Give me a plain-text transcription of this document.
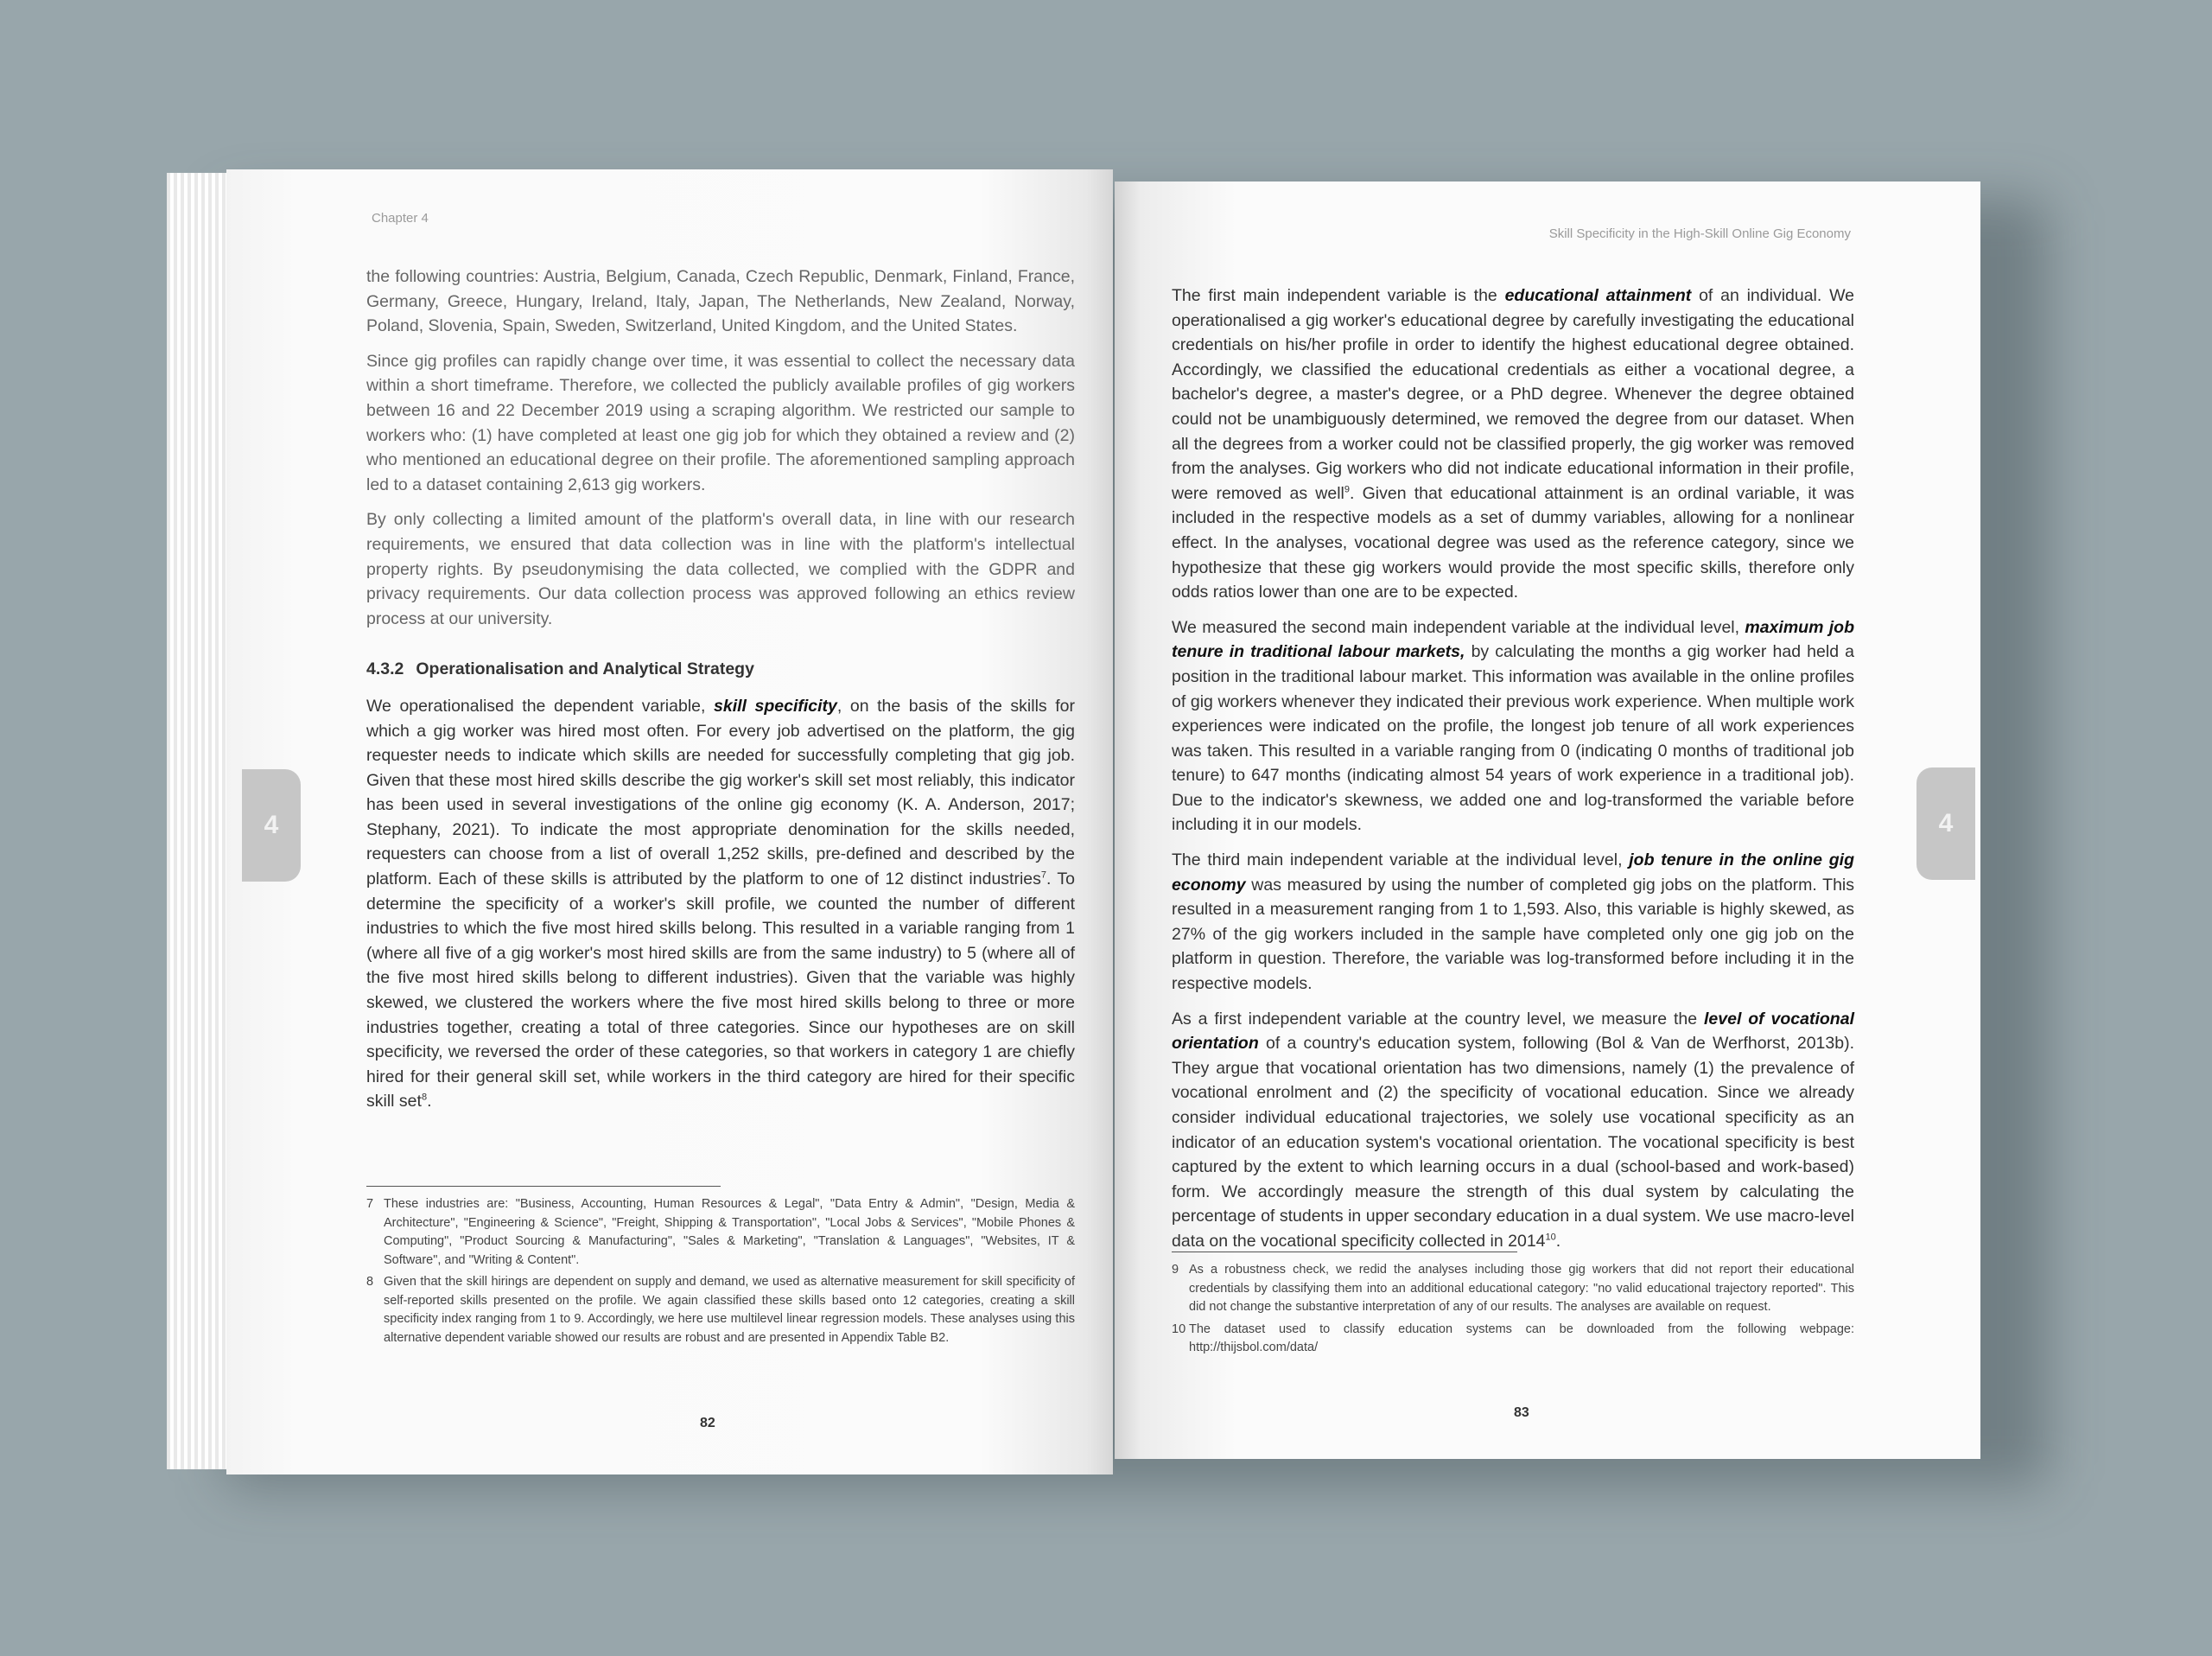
Chapter 4

the following countries: Austria, Belgium, Canada, Czech Republic, Denmark, Finland, France, Germany, Greece, Hungary, Ireland, Italy, Japan, The Netherlands, New Zealand, Norway, Poland, Slovenia, Spain, Sweden, Switzerland, United Kingdom, and the United States.

Since gig profiles can rapidly change over time, it was essential to collect the necessary data within a short timeframe. Therefore, we collected the publicly available profiles of gig workers between 16 and 22 December 2019 using a scraping algorithm. We restricted our sample to workers who: (1) have completed at least one gig job for which they obtained a review and (2) who mentioned an educational degree on their profile. The aforementioned sampling approach led to a dataset containing 2,613 gig workers.

By only collecting a limited amount of the platform's overall data, in line with our research requirements, we ensured that data collection was in line with the platform's intellectual property rights. By pseudonymising the data collected, we complied with the GDPR and privacy requirements. Our data collection process was approved following an ethics review process at our university.

4.3.2 Operationalisation and Analytical Strategy

We operationalised the dependent variable, skill specificity, on the basis of the skills for which a gig worker was hired most often. For every job advertised on the platform, the gig requester needs to indicate which skills are needed for successfully completing that gig job. Given that these most hired skills describe the gig worker's skill set most reliably, this indicator has been used in several investigations of the online gig economy (K. A. Anderson, 2017; Stephany, 2021). To indicate the most appropriate denomination for the skills needed, requesters can choose from a list of overall 1,252 skills, pre-defined and described by the platform. Each of these skills is attributed by the platform to one of 12 distinct industries$^7$. To determine the specificity of a worker's skill profile, we counted the number of different industries to which the five most hired skills belong. This resulted in a variable ranging from 1 (where all five of a gig worker's most hired skills are from the same industry) to 5 (where all of the five most hired skills belong to different industries). Given that the variable was highly skewed, we clustered the workers where the five most hired skills belong to three or more industries together, creating a total of three categories. Since our hypotheses are on skill specificity, we reversed the order of these categories, so that workers in category 1 are chiefly hired for their general skill set, while workers in the third category are hired for their specific skill set$^8$.

7 These industries are: "Business, Accounting, Human Resources & Legal", "Data Entry & Admin", "Design, Media & Architecture", "Engineering & Science", "Freight, Shipping & Transportation", "Local Jobs & Services", "Mobile Phones & Computing", "Product Sourcing & Manufacturing", "Sales & Marketing", "Translation & Languages", "Websites, IT & Software", and "Writing & Content".
8 Given that the skill hirings are dependent on supply and demand, we used as alternative measurement for skill specificity of self-reported skills presented on the profile. We again classified these skills based onto 12 categories, creating a skill specificity index ranging from 1 to 9. Accordingly, we here use multilevel linear regression models. These analyses using this alternative dependent variable showed our results are robust and are presented in Appendix Table B2.
82
4
Skill Specificity in the High-Skill Online Gig Economy

The first main independent variable is the educational attainment of an individual. We operationalised a gig worker's educational degree by carefully investigating the educational credentials on his/her profile in order to identify the highest educational degree obtained. Accordingly, we classified the educational credentials as either a vocational degree, a bachelor's degree, a master's degree, or a PhD degree. Whenever the degree obtained could not be unambiguously determined, we removed the degree from our dataset. When all the degrees from a worker could not be classified properly, the gig worker was removed from the analyses. Gig workers who did not indicate educational information in their profile, were removed as well$^9$. Given that educational attainment is an ordinal variable, it was included in the respective models as a set of dummy variables, allowing for a nonlinear effect. In the analyses, vocational degree was used as the reference category, since we hypothesize that these gig workers would provide the most specific skills, therefore only odds ratios lower than one are to be expected.

We measured the second main independent variable at the individual level, maximum job tenure in traditional labour markets, by calculating the months a gig worker had held a position in the traditional labour market. This information was available in the online profiles of gig workers whenever they indicated their previous work experience. When multiple work experiences were indicated on the profile, the longest job tenure of all work experiences was taken. This resulted in a variable ranging from 0 (indicating 0 months of traditional job tenure) to 647 months (indicating almost 54 years of work experience in a traditional job). Due to the indicator's skewness, we added one and log-transformed the variable before including it in our models.

The third main independent variable at the individual level, job tenure in the online gig economy was measured by using the number of completed gig jobs on the platform. This resulted in a measurement ranging from 1 to 1,593. Also, this variable is highly skewed, as 27% of the gig workers included in the sample have completed only one gig job on the platform in question. Therefore, the variable was log-transformed before including it in the respective models.

As a first independent variable at the country level, we measure the level of vocational orientation of a country's education system, following (Bol & Van de Werfhorst, 2013b). They argue that vocational orientation has two dimensions, namely (1) the prevalence of vocational enrolment and (2) the specificity of vocational education. Since we already consider individual educational trajectories, we solely use vocational specificity as an indicator of an education system's vocational orientation. The vocational specificity is best captured by the extent to which learning occurs in a dual (school-based and work-based) form. We accordingly measure the strength of this dual system by calculating the percentage of students in upper secondary education in a dual system. We use macro-level data on the vocational specificity collected in 2014$^{10}$.

9 As a robustness check, we redid the analyses including those gig workers that did not report their educational credentials by classifying them into an additional educational category: "no valid educational trajectory reported". This did not change the substantive interpretation of any of our results. The analyses are available on request.
10 The dataset used to classify education systems can be downloaded from the following webpage: http://thijsbol.com/data/
83
4
